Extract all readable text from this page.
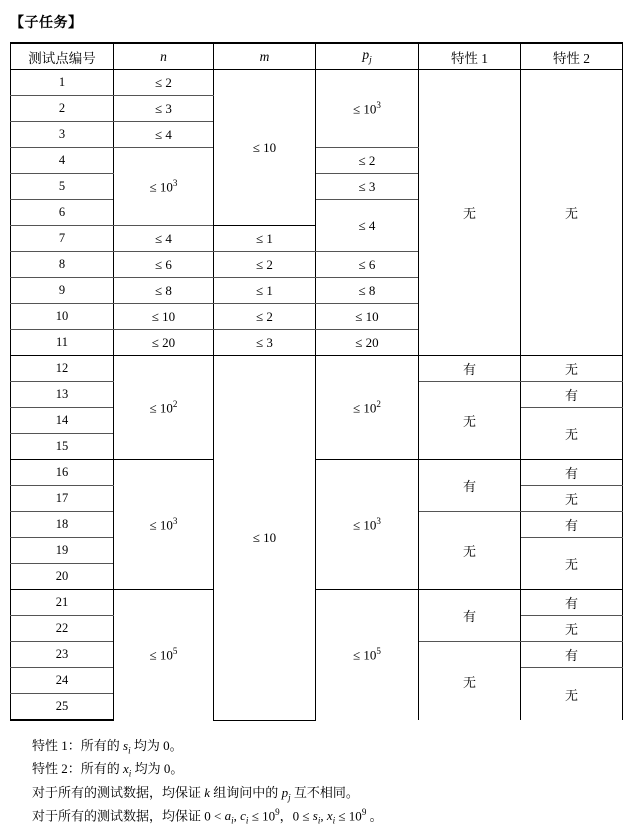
【子任务】
测试点编号	n	m	$p_j$	特性 1	特性 2
1	≤ 2	≤ 10	≤ $10^3$	无	无
2	≤ 3				
3	≤ 4				
4	≤ $10^3$		≤ 2		
5			≤ 3		
6			≤ 4		
7	≤ 4	≤ 1			
8	≤ 6	≤ 2	≤ 6		
9	≤ 8	≤ 1	≤ 8		
10	≤ 10	≤ 2	≤ 10		
11	≤ 20	≤ 3	≤ 20		
12	≤ $10^2$	≤ 10	≤ $10^2$	有	无
13				无	有
14					无
15					
16	≤ $10^3$		≤ $10^3$	有	有
17					无
18				无	有
19					无
20					
21	≤ $10^5$		≤ $10^5$	有	有
22					无
23				无	有
24					无
25					
特性 1：所有的 $s_i$ 均为 0。
特性 2：所有的 $x_i$ 均为 0。
对于所有的测试数据，均保证 k 组询问中的 $p_j$ 互不相同。
对于所有的测试数据，均保证 $0 < a_i$, $c_i \le 10^9$，$0 \le s_i$, $x_i \le 10^9$ 。
